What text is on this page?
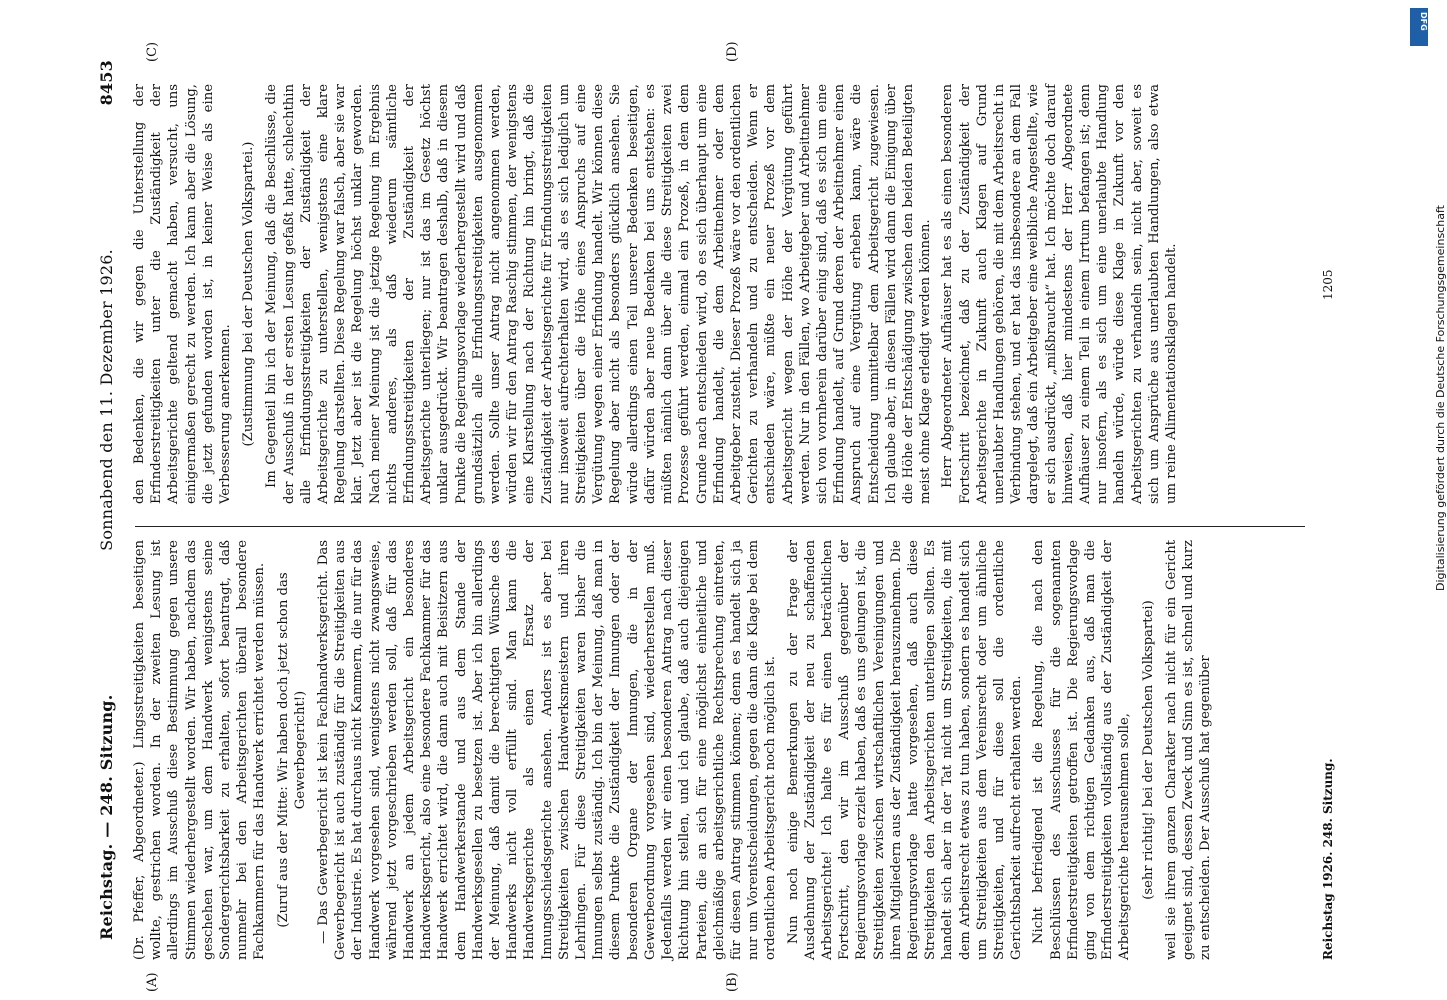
Reichstag. — 248. Sitzung.
Sonnabend den 11. Dezember 1926.
8453
(A)	(B)
(C)	(D)

(Dr. Pfeffer, Abgeordneter.) Lingsstreitigkeiten beseitigen wollte, gestrichen worden. In der zweiten Lesung ist allerdings im Ausschuß diese Bestimmung gegen unsere Stimmen wiederhergestellt worden. Wir haben, nachdem das geschehen war, um dem Handwerk wenigstens seine Sondergerichtsbarkeit zu erhalten, sofort beantragt, daß nunmehr bei den Arbeitsgerichten überall besondere Fachkammern für das Handwerk errichtet werden müssen. (Zuruf aus der Mitte: Wir haben doch jetzt schon das Gewerbegericht!) — Das Gewerbegericht ist kein Fachhandwerksgericht. Das Gewerbegericht ist auch zuständig für die Streitigkeiten aus der Industrie. Es hat durchaus nicht Kammern, die nur für das Handwerk vorgesehen sind, wenigstens nicht zwangsweise, während jetzt vorgeschrieben werden soll, daß für das Handwerk an jedem Arbeitsgericht ein besonderes Handwerksgericht, also eine besondere Fachkammer für das Handwerk errichtet wird, die dann auch mit Beisitzern aus dem Handwerkerstande und aus dem Stande der Handwerksgesellen zu besetzen ist. Aber ich bin allerdings der Meinung, daß damit die berechtigten Wünsche des Handwerks nicht voll erfüllt sind. Man kann die Handwerksgerichte als einen Ersatz der Innungsschiedsgerichte ansehen. Anders ist es aber bei Streitigkeiten zwischen Handwerksmeistern und ihren Lehrlingen. Für diese Streitigkeiten waren bisher die Innungen selbst zuständig. Ich bin der Meinung, daß man in diesem Punkte die Zuständigkeit der Innungen oder der besonderen Organe der Innungen, die in der Gewerbeordnung vorgesehen sind, wiederherstellen muß. Jedenfalls werden wir einen besonderen Antrag nach dieser Richtung hin stellen, und ich glaube, daß auch diejenigen Parteien, die an sich für eine möglichst einheitliche und gleichmäßige arbeitsgerichtliche Rechtsprechung eintreten, für diesen Antrag stimmen können; denn es handelt sich ja nur um Vorentscheidungen, gegen die dann die Klage bei dem ordentlichen Arbeitsgericht noch möglich ist. Nun noch einige Bemerkungen zu der Frage der Ausdehnung der Zuständigkeit der neu zu schaffenden Arbeitsgerichte! Ich halte es für einen beträchtlichen Fortschritt, den wir im Ausschuß gegenüber der Regierungsvorlage erzielt haben, daß es uns gelungen ist, die Streitigkeiten zwischen wirtschaftlichen Vereinigungen und ihren Mitgliedern aus der Zuständigkeit herauszunehmen. Die Regierungsvorlage hatte vorgesehen, daß auch diese Streitigkeiten den Arbeitsgerichten unterliegen sollten. Es handelt sich aber in der Tat nicht um Streitigkeiten, die mit dem Arbeitsrecht etwas zu tun haben, sondern es handelt sich um Streitigkeiten aus dem Vereinsrecht oder um ähnliche Streitigkeiten, und für diese soll die ordentliche Gerichtsbarkeit aufrecht erhalten werden. Nicht befriedigend ist die Regelung, die nach den Beschlüssen des Ausschusses für die sogenannten Erfinderstreitigkeiten getroffen ist. Die Regierungsvorlage ging von dem richtigen Gedanken aus, daß man die Erfinderstreitigkeiten vollständig aus der Zuständigkeit der Arbeitsgerichte herausnehmen solle, (sehr richtig! bei der Deutschen Volkspartei) weil sie ihrem ganzen Charakter nach nicht für ein Gericht geeignet sind, dessen Zweck und Sinn es ist, schnell und kurz zu entscheiden. Der Ausschuß hat gegenüber

den Bedenken, die wir gegen die Unterstellung der Erfinderstreitigkeiten unter die Zuständigkeit der Arbeitsgerichte geltend gemacht haben, versucht, uns einigermaßen gerecht zu werden. Ich kann aber die Lösung, die jetzt gefunden worden ist, in keiner Weise als eine Verbesserung anerkennen. (Zustimmung bei der Deutschen Volkspartei.) Im Gegenteil bin ich der Meinung, daß die Beschlüsse, die der Ausschuß in der ersten Lesung gefaßt hatte, schlechthin alle Erfindungsstreitigkeiten der Zuständigkeit der Arbeitsgerichte zu unterstellen, wenigstens eine klare Regelung darstellten. Diese Regelung war falsch, aber sie war klar. Jetzt aber ist die Regelung höchst unklar geworden. Nach meiner Meinung ist die jetzige Regelung im Ergebnis nichts anderes, als daß wiederum sämtliche Erfindungsstreitigkeiten der Zuständigkeit der Arbeitsgerichte unterliegen; nur ist das im Gesetz höchst unklar ausgedrückt. Wir beantragen deshalb, daß in diesem Punkte die Regierungsvorlage wiederhergestellt wird und daß grundsätzlich alle Erfindungsstreitigkeiten ausgenommen werden. Sollte unser Antrag nicht angenommen werden, würden wir für den Antrag Raschig stimmen, der wenigstens eine Klarstellung nach der Richtung hin bringt, daß die Zuständigkeit der Arbeitsgerichte für Erfindungsstreitigkeiten nur insoweit aufrechterhalten wird, als es sich lediglich um Streitigkeiten über die Höhe eines Anspruchs auf eine Vergütung wegen einer Erfindung handelt. Wir können diese Regelung aber nicht als besonders glücklich ansehen. Sie würde allerdings einen Teil unserer Bedenken beseitigen, dafür würden aber neue Bedenken bei uns entstehen: es müßten nämlich dann über alle diese Streitigkeiten zwei Prozesse geführt werden, einmal ein Prozeß, in dem dem Grunde nach entschieden wird, ob es sich überhaupt um eine Erfindung handelt, die dem Arbeitnehmer oder dem Arbeitgeber zusteht. Dieser Prozeß wäre vor den ordentlichen Gerichten zu verhandeln und zu entscheiden. Wenn er entschieden wäre, müßte ein neuer Prozeß vor dem Arbeitsgericht wegen der Höhe der Vergütung geführt werden. Nur in den Fällen, wo Arbeitgeber und Arbeitnehmer sich von vornherein darüber einig sind, daß es sich um eine Erfindung handelt, auf Grund deren der Arbeitnehmer einen Anspruch auf eine Vergütung erheben kann, wäre die Entscheidung unmittelbar dem Arbeitsgericht zugewiesen. Ich glaube aber, in diesen Fällen wird dann die Einigung über die Höhe der Entschädigung zwischen den beiden Beteiligten meist ohne Klage erledigt werden können. Herr Abgeordneter Aufhäuser hat es als einen besonderen Fortschritt bezeichnet, daß zu der Zuständigkeit der Arbeitsgerichte in Zukunft auch Klagen auf Grund unerlaubter Handlungen gehören, die mit dem Arbeitsrecht in Verbindung stehen, und er hat das insbesondere an dem Fall dargelegt, daß ein Arbeitgeber eine weibliche Angestellte, wie er sich ausdrückt, „mißbraucht“ hat. Ich möchte doch darauf hinweisen, daß hier mindestens der Herr Abgeordnete Aufhäuser zu einem Teil in einem Irrtum befangen ist; denn nur insofern, als es sich um eine unerlaubte Handlung handeln würde, würde diese Klage in Zukunft vor den Arbeitsgerichten zu verhandeln sein, nicht aber, soweit es sich um Ansprüche aus unerlaubten Handlungen, also etwa um reine Alimentationsklagen handelt.

Reichstag 1926. 248. Sitzung.
1205
DFG
Digitalisierung gefördert durch die Deutsche Forschungsgemeinschaft
